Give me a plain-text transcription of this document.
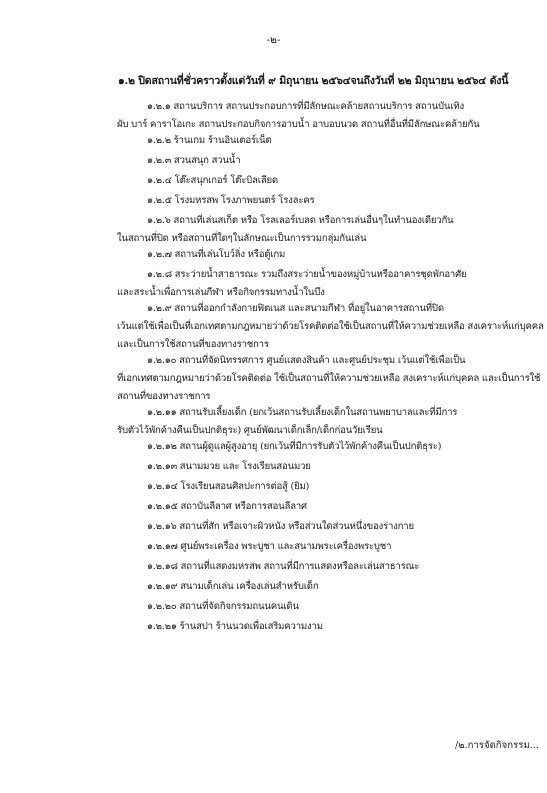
-๒-
๑.๒ ปิดสถานที่ชั่วคราวตั้งแต่วันที่ ๙ มิถุนายน ๒๕๖๔จนถึงวันที่ ๒๒ มิถุนายน ๒๕๖๔ ดังนี้
๑.๒.๑ สถานบริการ สถานประกอบการที่มีลักษณะคล้ายสถานบริการ สถานบันเทิง
ผับ บาร์ คาราโอเกะ สถานประกอบกิจการอาบน้ำ อาบอบนวด สถานที่อื่นที่มีลักษณะคล้ายกัน
๑.๒.๒ ร้านเกม ร้านอินเตอร์เน็ต
๑.๒.๓ สวนสนุก สวนน้ำ
๑.๒.๔ โต๊ะสนุกเกอร์ โต๊ะบิลเลียด
๑.๒.๕ โรงมหรสพ โรงภาพยนตร์ โรงละคร
๑.๒.๖ สถานที่เล่นสเก็ต หรือ โรลเลอร์เบลด หรือการเล่นอื่นๆในทำนองเดียวกัน
ในสถานที่ปิด หรือสถานที่ใดๆในลักษณะเป็นการรวมกลุ่มกันเล่น
๑.๒.๗ สถานที่เล่นโบว์ลิ่ง หรือตู้เกม
๑.๒.๘ สระว่ายน้ำสาธารณะ รวมถึงสระว่ายน้ำของหมู่บ้านหรืออาคารชุดพักอาศัย
และสระน้ำเพื่อการเล่นกีฬา หรือกิจกรรมทางน้ำในบึง
๑.๒.๙ สถานที่ออกกำลังกายฟิตเนส และสนามกีฬา ที่อยู่ในอาคารสถานที่ปิด
เว้นแต่ใช้เพื่อเป็นที่เอกเทศตามกฎหมายว่าด้วยโรคติดต่อใช้เป็นสถานที่ให้ความช่วยเหลือ สงเคราะห์แก่บุคคล
และเป็นการใช้สถานที่ของทางราชการ
๑.๒.๑๐ สถานที่จัดนิทรรศการ ศูนย์แสดงสินค้า และศูนย์ประชุม เว้นแต่ใช้เพื่อเป็น
ที่เอกเทศตามกฎหมายว่าด้วยโรคติดต่อ ใช้เป็นสถานที่ให้ความช่วยเหลือ สงเคราะห์แก่บุคคล และเป็นการใช้
สถานที่ของทางราชการ
๑.๒.๑๑ สถานรับเลี้ยงเด็ก (ยกเว้นสถานรับเลี้ยงเด็กในสถานพยาบาลและที่มีการ
รับตัวไว้พักค้างคืนเป็นปกติธุระ) ศูนย์พัฒนาเด็กเล็ก/เด็กก่อนวัยเรียน
๑.๒.๑๒ สถานผู้ดูแลผู้สูงอายุ (ยกเว้นที่มีการรับตัวไว้พักค้างคืนเป็นปกติธุระ)
๑.๒.๑๓ สนามมวย และ โรงเรียนสอนมวย
๑.๒.๑๔ โรงเรียนสอนศิลปะการต่อสู้ (ยิม)
๑.๒.๑๕ สถาบันลีลาศ หรือการสอนลีลาศ
๑.๒.๑๖ สถานที่สัก หรือเจาะผิวหนัง หรือส่วนใดส่วนหนึ่งของร่างกาย
๑.๒.๑๗ ศูนย์พระเครื่อง พระบูชา และสนามพระเครื่องพระบูชา
๑.๒.๑๘ สถานที่แสดงมหรสพ สถานที่มีการแสดงหรือละเล่นสาธารณะ
๑.๒.๑๙ สนามเด็กเล่น เครื่องเล่นสำหรับเด็ก
๑.๒.๒๐ สถานที่จัดกิจกรรมถนนคนเดิน
๑.๒.๒๑ ร้านสปา ร้านนวดเพื่อเสริมความงาม
/๒.การจัดกิจกรรม...
